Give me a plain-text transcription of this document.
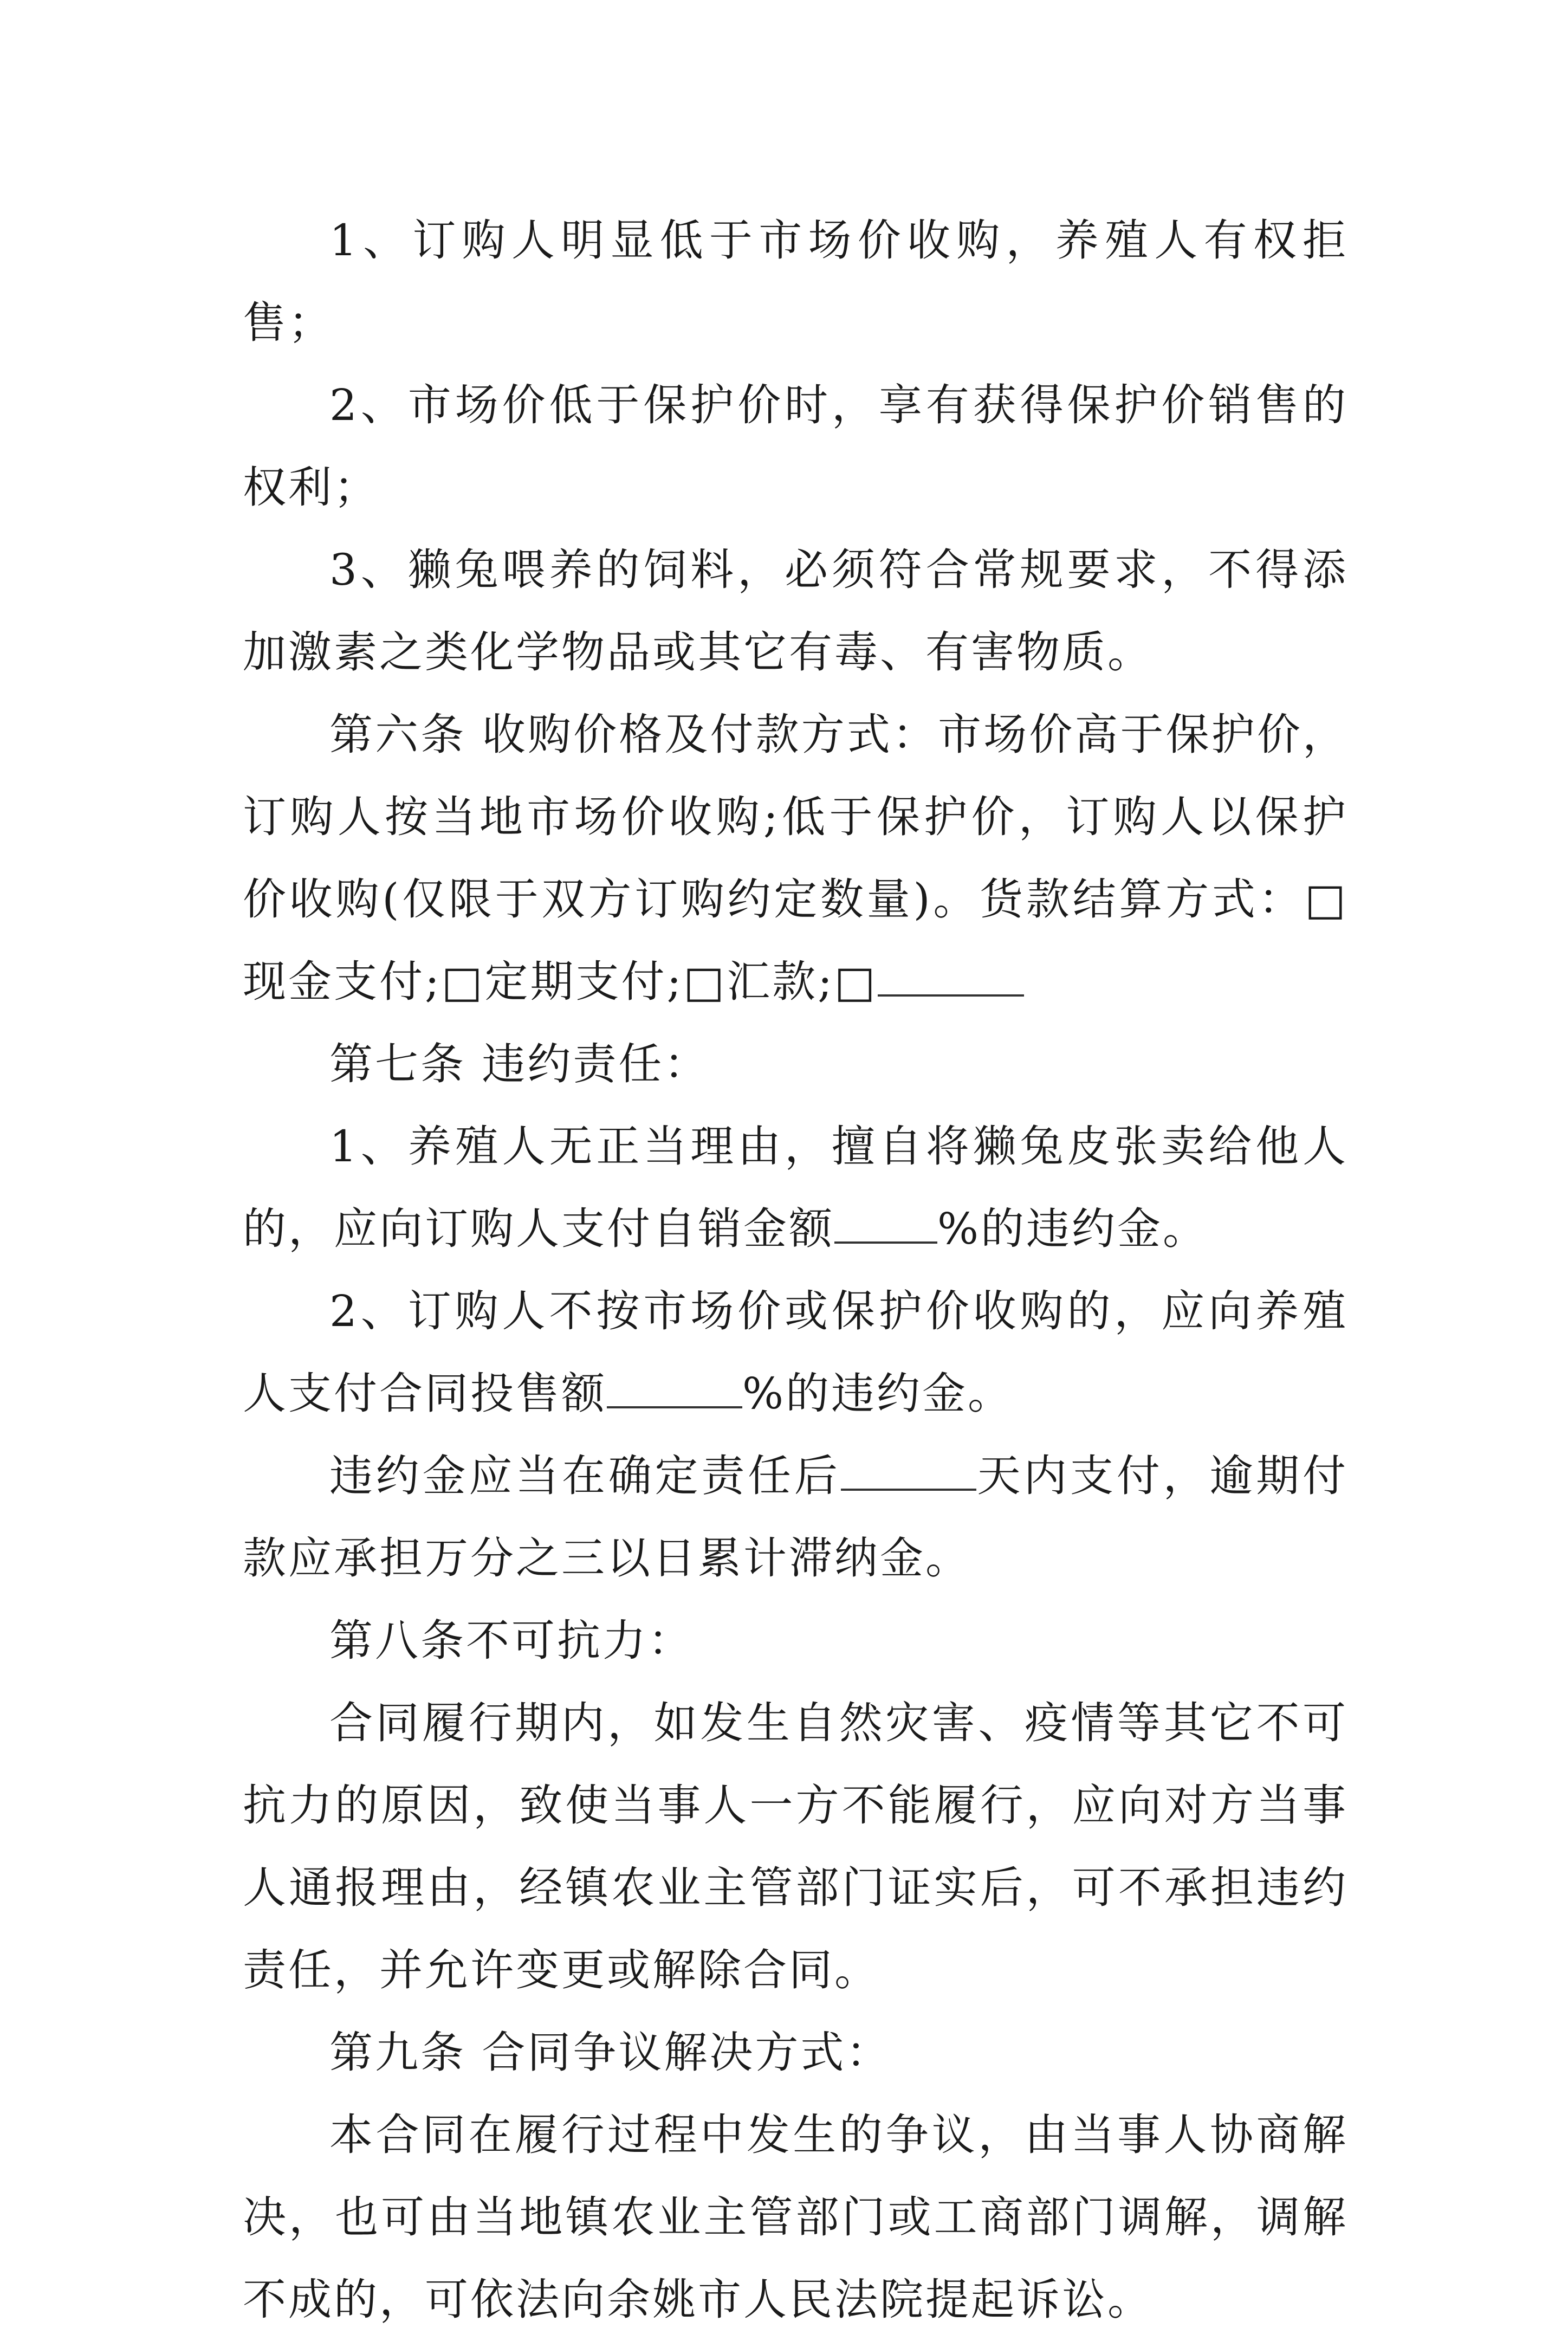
1、订购人明显低于市场价收购，养殖人有权拒售；

2、市场价低于保护价时，享有获得保护价销售的权利；

3、獭兔喂养的饲料，必须符合常规要求，不得添加激素之类化学物品或其它有毒、有害物质。

第六条 收购价格及付款方式：市场价高于保护价，订购人按当地市场价收购;低于保护价，订购人以保护价收购(仅限于双方订购约定数量)。货款结算方式：□现金支付;□定期支付;□汇款;□

第七条 违约责任：

1、养殖人无正当理由，擅自将獭兔皮张卖给他人的，应向订购人支付自销金额 %的违约金。

2、订购人不按市场价或保护价收购的，应向养殖人支付合同投售额	%的违约金。

违约金应当在确定责任后	天内支付，逾期付款应承担万分之三以日累计滞纳金。

第八条不可抗力：

合同履行期内，如发生自然灾害、疫情等其它不可抗力的原因，致使当事人一方不能履行，应向对方当事人通报理由，经镇农业主管部门证实后，可不承担违约责任，并允许变更或解除合同。

第九条 合同争议解决方式：

本合同在履行过程中发生的争议，由当事人协商解决，也可由当地镇农业主管部门或工商部门调解，调解不成的，可依法向余姚市人民法院提起诉讼。
